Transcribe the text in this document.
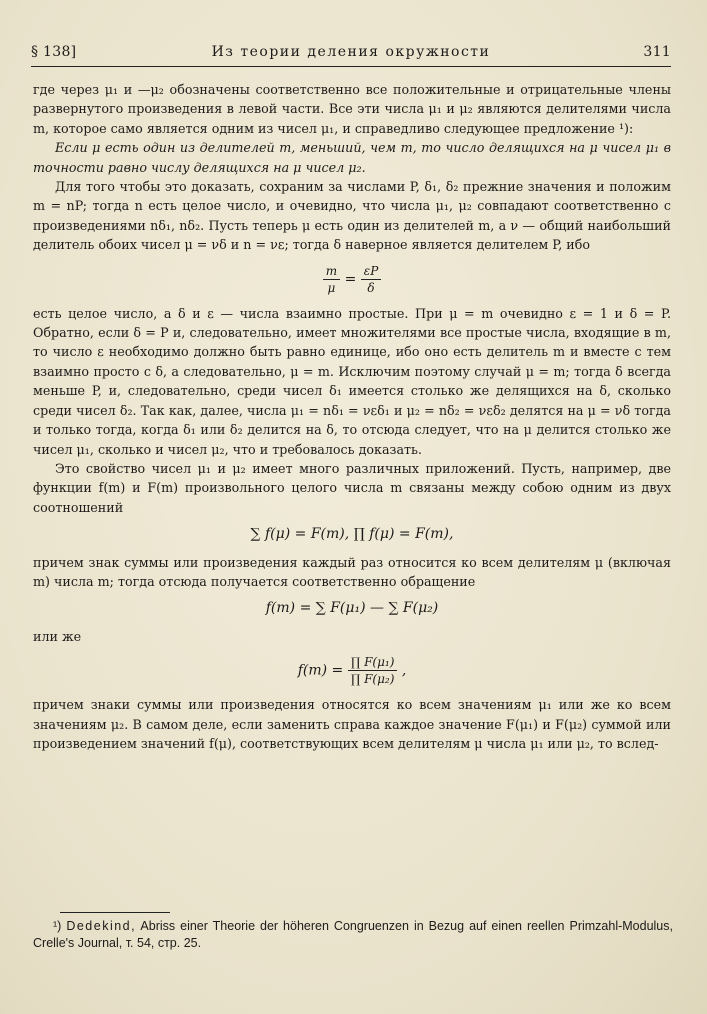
§ 138]	Из теории деления окружности	311

где через μ₁ и —μ₂ обозначены соответственно все положительные и отрицательные члены развернутого произведения в левой части. Все эти числа μ₁ и μ₂ являются делителями числа m, которое само является одним из чисел μ₁, и справедливо следующее предложение ¹):

Если μ есть один из делителей m, меньший, чем m, то число делящихся на μ чисел μ₁ в точности равно числу делящихся на μ чисел μ₂.

Для того чтобы это доказать, сохраним за числами P, δ₁, δ₂ прежние значения и положим m = nP; тогда n есть целое число, и очевидно, что числа μ₁, μ₂ совпадают соответственно с произведениями nδ₁, nδ₂. Пусть теперь μ есть один из делителей m, а ν — общий наибольший делитель обоих чисел μ = νδ и n = νε; тогда δ наверное является делителем P, ибо

$\frac{m}{\mu} = \frac{\varepsilon P}{\delta}$

есть целое число, а δ и ε — числа взаимно простые. При μ = m очевидно ε = 1 и δ = P. Обратно, если δ = P и, следовательно, имеет множителями все простые числа, входящие в m, то число ε необходимо должно быть равно единице, ибо оно есть делитель m и вместе с тем взаимно просто с δ, а следовательно, μ = m. Исключим поэтому случай μ = m; тогда δ всегда меньше P, и, следовательно, среди чисел δ₁ имеется столько же делящихся на δ, сколько среди чисел δ₂. Так как, далее, числа μ₁ = nδ₁ = νεδ₁ и μ₂ = nδ₂ = νεδ₂ делятся на μ = νδ тогда и только тогда, когда δ₁ или δ₂ делится на δ, то отсюда следует, что на μ делится столько же чисел μ₁, сколько и чисел μ₂, что и требовалось доказать.

Это свойство чисел μ₁ и μ₂ имеет много различных приложений. Пусть, например, две функции f(m) и F(m) произвольного целого числа m связаны между собою одним из двух соотношений

∑ f(μ) = F(m), ∏ f(μ) = F(m),

причем знак суммы или произведения каждый раз относится ко всем делителям μ (включая m) числа m; тогда отсюда получается соответственно обращение

f(m) = ∑ F(μ₁) — ∑ F(μ₂)

или же

$f(m) = \frac{\text{∏ F(μ₁)}}{\text{∏ F(μ₂)}}$ ,

причем знаки суммы или произведения относятся ко всем значениям μ₁ или же ко всем значениям μ₂. В самом деле, если заменить справа каждое значение F(μ₁) и F(μ₂) суммой или произведением значений f(μ), соответствующих всем делителям μ числа μ₁ или μ₂, то вслед-

¹) Dedekind, Abriss einer Theorie der höheren Congruenzen in Bezug auf einen reellen Primzahl-Modulus, Crelle's Journal, т. 54, стр. 25.
